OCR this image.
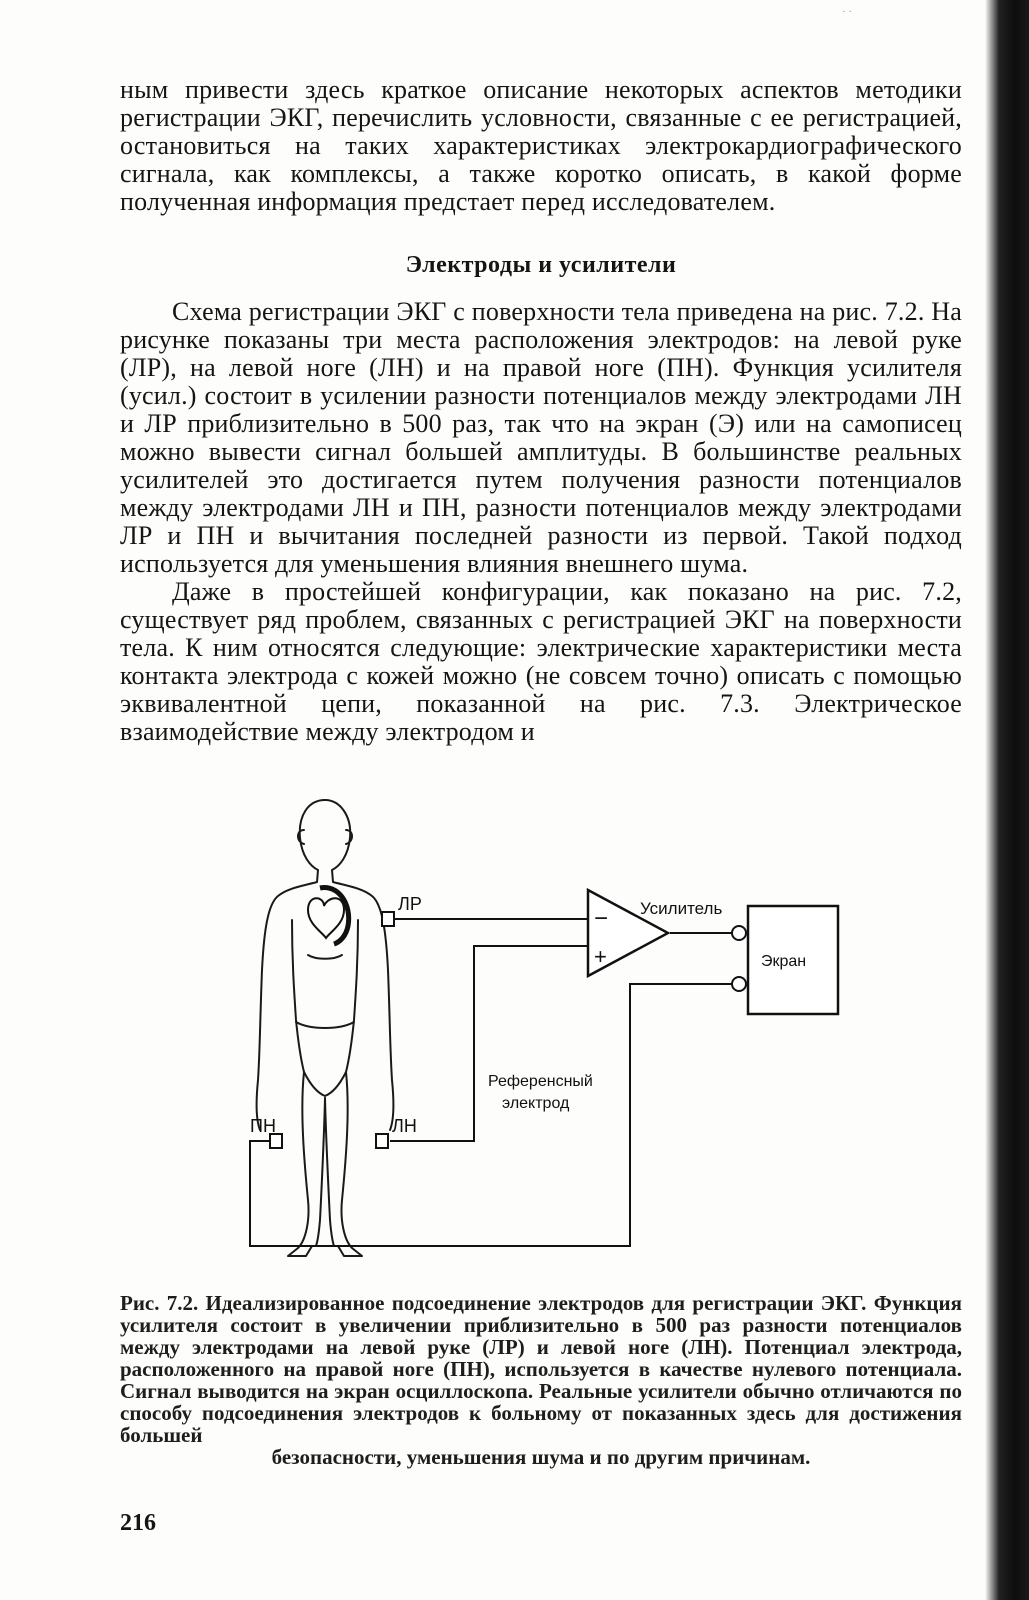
· ·

ным привести здесь краткое описание некоторых аспектов методики регистрации ЭКГ, перечислить условности, связанные с ее регистрацией, остановиться на таких характеристиках электрокардиографического сигнала, как комплексы, а также коротко описать, в какой форме полученная информация предстает перед исследователем.

Электроды и усилители

Схема регистрации ЭКГ с поверхности тела приведена на рис. 7.2. На рисунке показаны три места расположения электродов: на левой руке (ЛР), на левой ноге (ЛН) и на правой ноге (ПН). Функция усилителя (усил.) состоит в усилении разности потенциалов между электродами ЛН и ЛР приблизительно в 500 раз, так что на экран (Э) или на самописец можно вывести сигнал большей амплитуды. В большинстве реальных усилителей это достигается путем получения разности потенциалов между электродами ЛН и ПН, разности потенциалов между электродами ЛР и ПН и вычитания последней разности из первой. Такой подход используется для уменьшения влияния внешнего шума.

Даже в простейшей конфигурации, как показано на рис. 7.2, существует ряд проблем, связанных с регистрацией ЭКГ на поверхности тела. К ним относятся следующие: электрические характеристики места контакта электрода с кожей можно (не совсем точно) описать с помощью эквивалентной цепи, показанной на рис. 7.3. Электрическое взаимодействие между электродом и

ЛР
ЛН
ПН
−
+
Усилитель
Экран
Референсный
электрод
Рис. 7.2. Идеализированное подсоединение электродов для регистрации ЭКГ. Функция усилителя состоит в увеличении приблизительно в 500 раз разности потенциалов между электродами на левой руке (ЛР) и левой ноге (ЛН). Потенциал электрода, расположенного на правой ноге (ПН), используется в качестве нулевого потенциала. Сигнал выводится на экран осциллоскопа. Реальные усилители обычно отличаются по способу подсоединения электродов к больному от показанных здесь для достижения большей
безопасности, уменьшения шума и по другим причинам.
216
